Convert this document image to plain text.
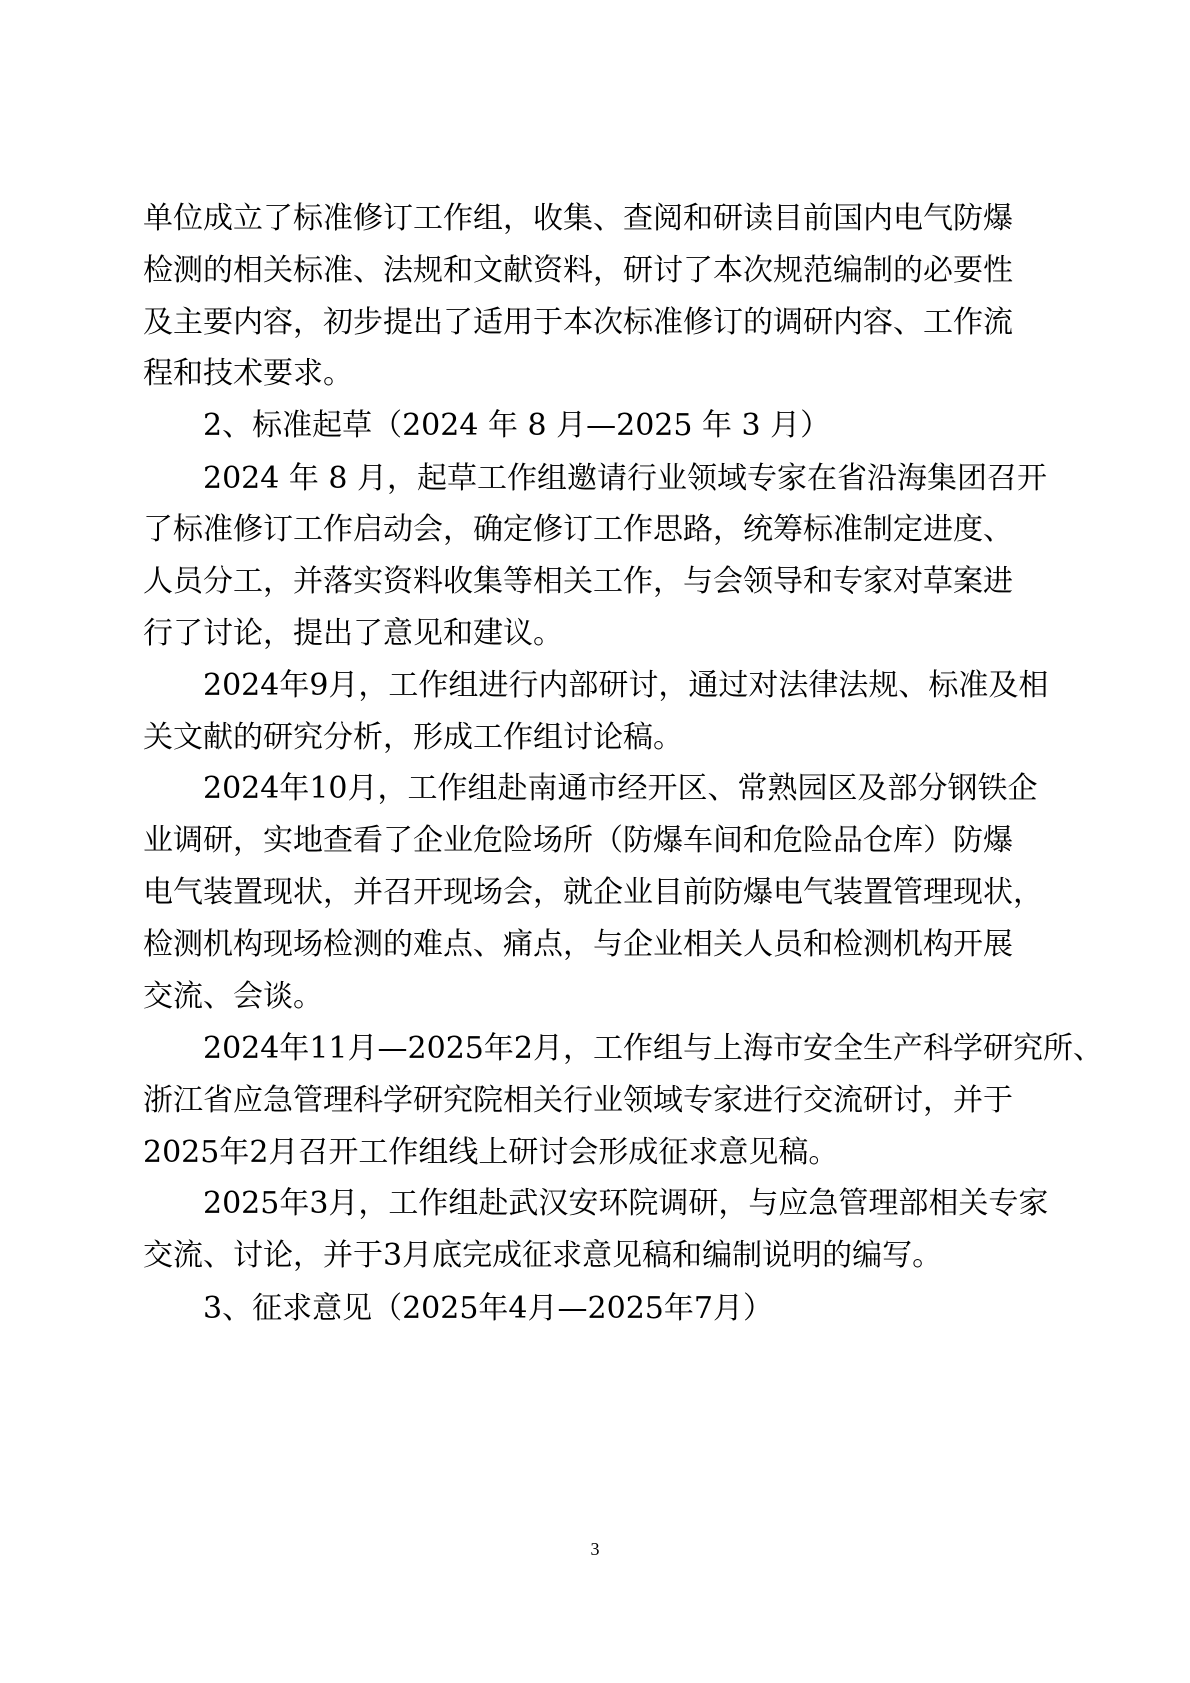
单位成立了标准修订工作组，收集、查阅和研读目前国内电气防爆
检测的相关标准、法规和文献资料，研讨了本次规范编制的必要性
及主要内容，初步提出了适用于本次标准修订的调研内容、工作流
程和技术要求。
2、标准起草（2024 年 8 月—2025 年 3 月）
2024 年 8 月，起草工作组邀请行业领域专家在省沿海集团召开
了标准修订工作启动会，确定修订工作思路，统筹标准制定进度、
人员分工，并落实资料收集等相关工作，与会领导和专家对草案进
行了讨论，提出了意见和建议。
2024年9月，工作组进行内部研讨，通过对法律法规、标准及相
关文献的研究分析，形成工作组讨论稿。
2024年10月，工作组赴南通市经开区、常熟园区及部分钢铁企
业调研，实地查看了企业危险场所（防爆车间和危险品仓库）防爆
电气装置现状，并召开现场会，就企业目前防爆电气装置管理现状，
检测机构现场检测的难点、痛点，与企业相关人员和检测机构开展
交流、会谈。
2024年11月—2025年2月，工作组与上海市安全生产科学研究所、
浙江省应急管理科学研究院相关行业领域专家进行交流研讨，并于
2025年2月召开工作组线上研讨会形成征求意见稿。
2025年3月，工作组赴武汉安环院调研，与应急管理部相关专家
交流、讨论，并于3月底完成征求意见稿和编制说明的编写。
3、征求意见（2025年4月—2025年7月）
3
